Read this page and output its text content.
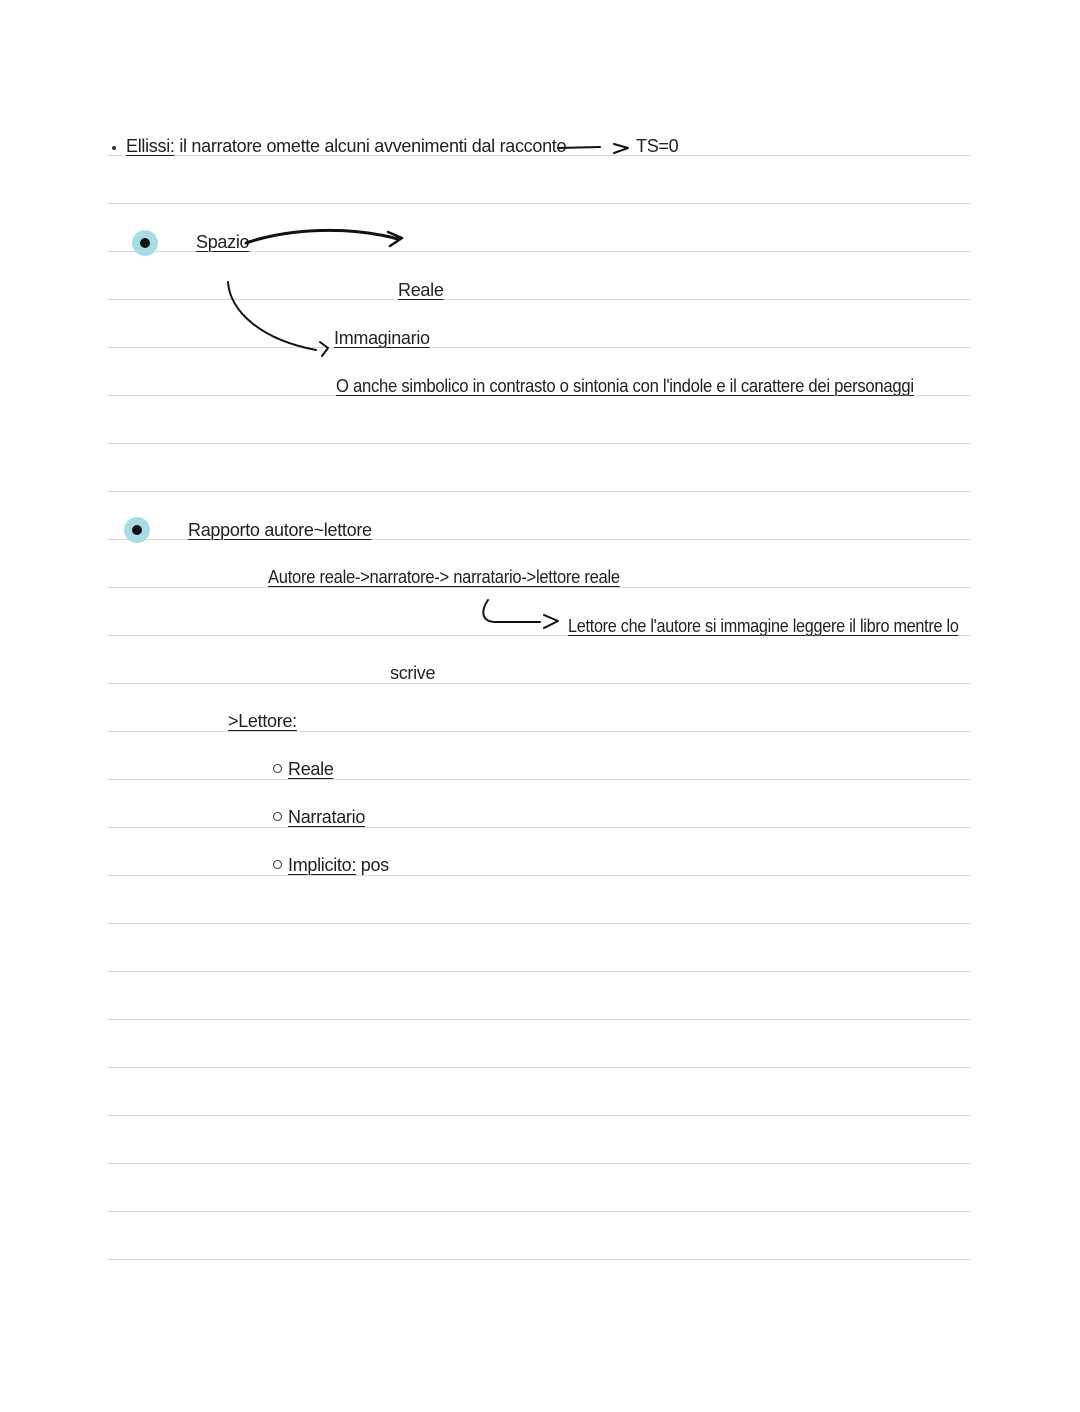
Ellissi: il narratore omette alcuni avvenimenti dal racconto	TS=0
Spazio
Reale
Immaginario
O anche simbolico in contrasto o sintonia con l'indole e il carattere dei personaggi
Rapporto autore~lettore
Autore reale->narratore-> narratario->lettore reale
Lettore che l'autore si immagine leggere il libro mentre lo
scrive
>Lettore:
Reale
Narratario
Implicito: pos
